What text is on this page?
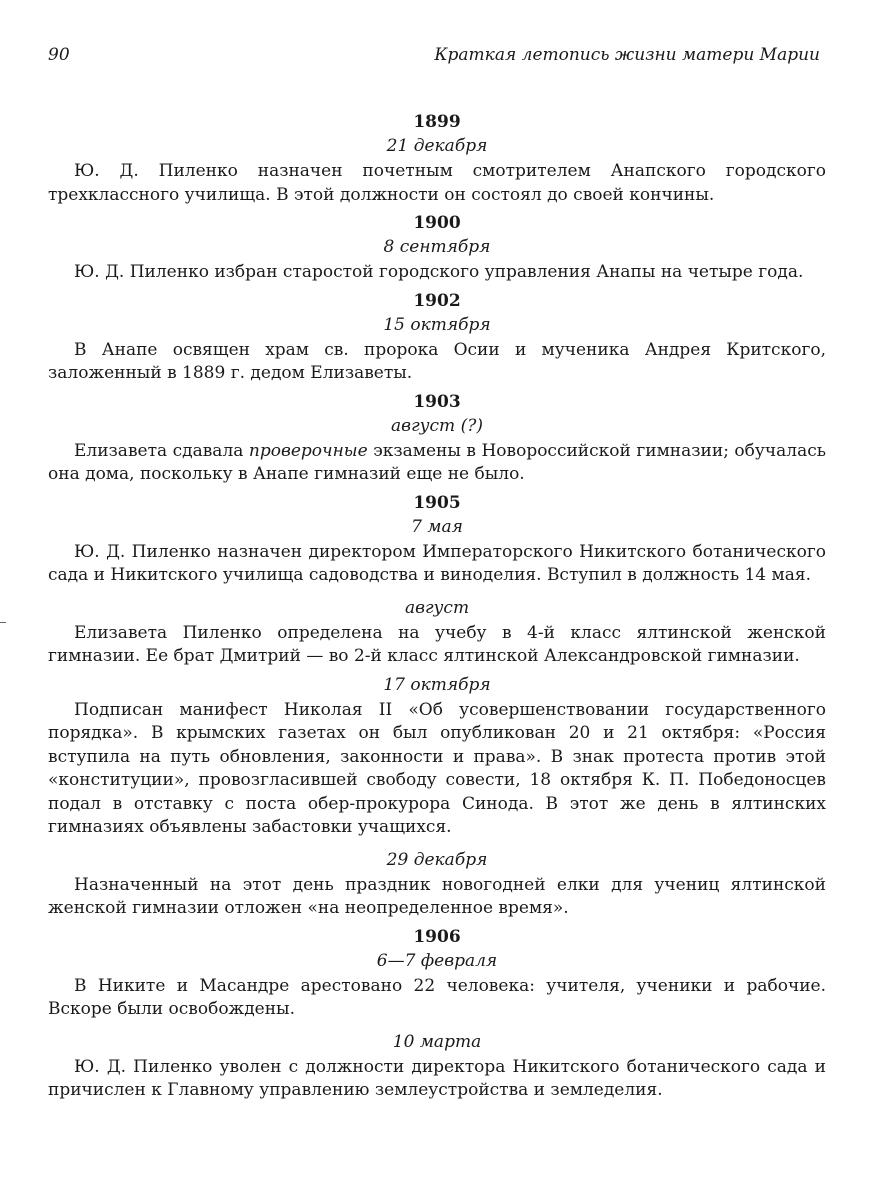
90	Краткая летопись жизни матери Марии

1899

21 декабря

Ю. Д. Пиленко назначен почетным смотрителем Анапского городского трехклассного училища. В этой должности он состоял до своей кончины.

1900

8 сентября

Ю. Д. Пиленко избран старостой городского управления Анапы на четыре года.

1902

15 октября

В Анапе освящен храм св. пророка Осии и мученика Андрея Критского, заложенный в 1889 г. дедом Елизаветы.

1903

август (?)

Елизавета сдавала проверочные экзамены в Новороссийской гимназии; обучалась она дома, поскольку в Анапе гимназий еще не было.

1905

7 мая

Ю. Д. Пиленко назначен директором Императорского Никитского ботанического сада и Никитского училища садоводства и виноделия. Вступил в должность 14 мая.

август

Елизавета Пиленко определена на учебу в 4-й класс ялтинской женской гимназии. Ее брат Дмитрий — во 2-й класс ялтинской Александровской гимназии.

17 октября

Подписан манифест Николая II «Об усовершенствовании государственного порядка». В крымских газетах он был опубликован 20 и 21 октября: «Россия вступила на путь обновления, законности и права». В знак протеста против этой «конституции», провозгласившей свободу совести, 18 октября К. П. Победоносцев подал в отставку с поста обер-прокурора Синода. В этот же день в ялтинских гимназиях объявлены забастовки учащихся.

29 декабря

Назначенный на этот день праздник новогодней елки для учениц ялтинской женской гимназии отложен «на неопределенное время».

1906

6—7 февраля

В Никите и Масандре арестовано 22 человека: учителя, ученики и рабочие. Вскоре были освобождены.

10 марта

Ю. Д. Пиленко уволен с должности директора Никитского ботанического сада и причислен к Главному управлению землеустройства и земледелия.
